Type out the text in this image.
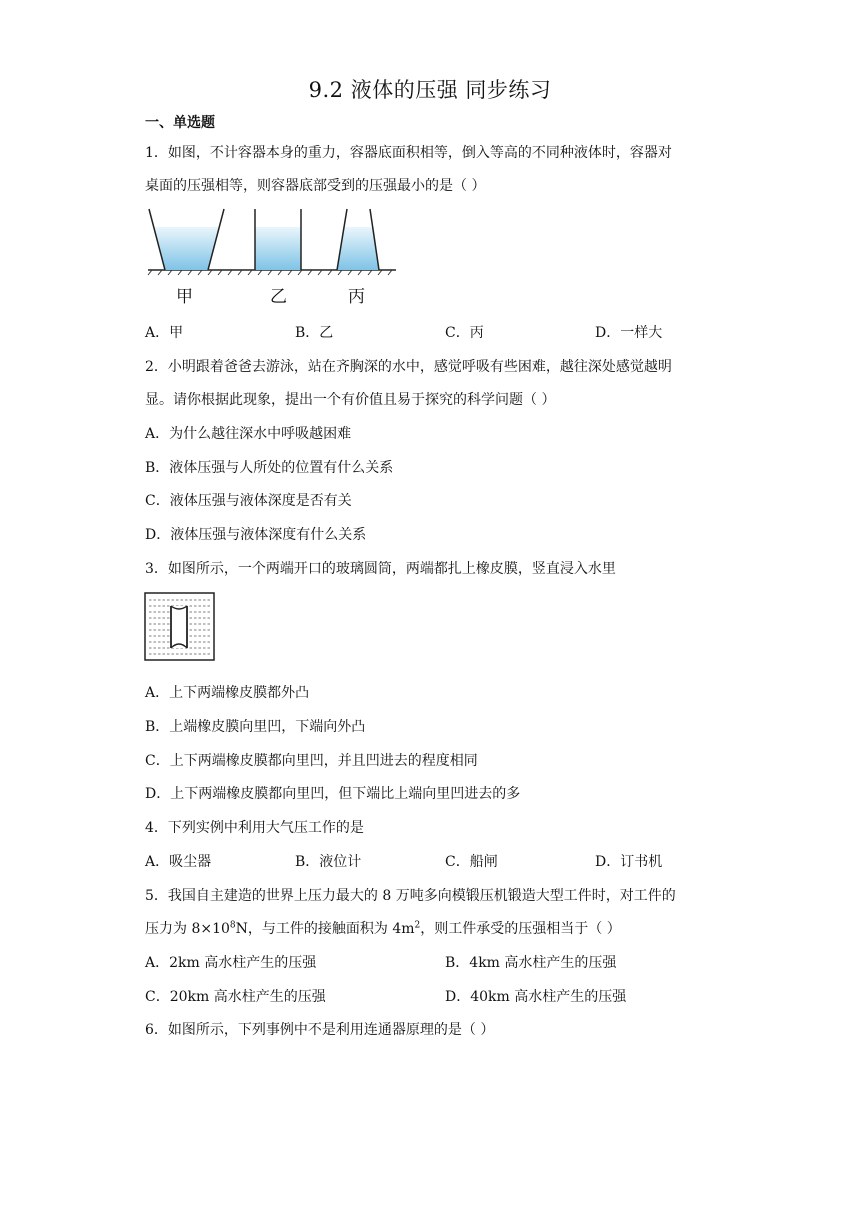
9.2 液体的压强 同步练习
一、单选题
1．如图，不计容器本身的重力，容器底面积相等，倒入等高的不同种液体时，容器对
桌面的压强相等，则容器底部受到的压强最小的是（ ）
甲	乙	丙
A．甲	B．乙	C．丙	D．一样大
2．小明跟着爸爸去游泳，站在齐胸深的水中，感觉呼吸有些困难，越往深处感觉越明
显。请你根据此现象，提出一个有价值且易于探究的科学问题（ ）
A．为什么越往深水中呼吸越困难
B．液体压强与人所处的位置有什么关系
C．液体压强与液体深度是否有关
D．液体压强与液体深度有什么关系
3．如图所示，一个两端开口的玻璃圆筒，两端都扎上橡皮膜，竖直浸入水里
A．上下两端橡皮膜都外凸
B．上端橡皮膜向里凹，下端向外凸
C．上下两端橡皮膜都向里凹，并且凹进去的程度相同
D．上下两端橡皮膜都向里凹，但下端比上端向里凹进去的多
4．下列实例中利用大气压工作的是
A．吸尘器	B．液位计	C．船闸	D．订书机
5．我国自主建造的世界上压力最大的 8 万吨多向模锻压机锻造大型工件时，对工件的
压力为 $8\times 10^8N$，与工件的接触面积为 $4m^2$，则工件承受的压强相当于（ ）
A．2km 高水柱产生的压强	B．4km 高水柱产生的压强
C．20km 高水柱产生的压强	D．40km 高水柱产生的压强
6．如图所示，下列事例中不是利用连通器原理的是（ ）
